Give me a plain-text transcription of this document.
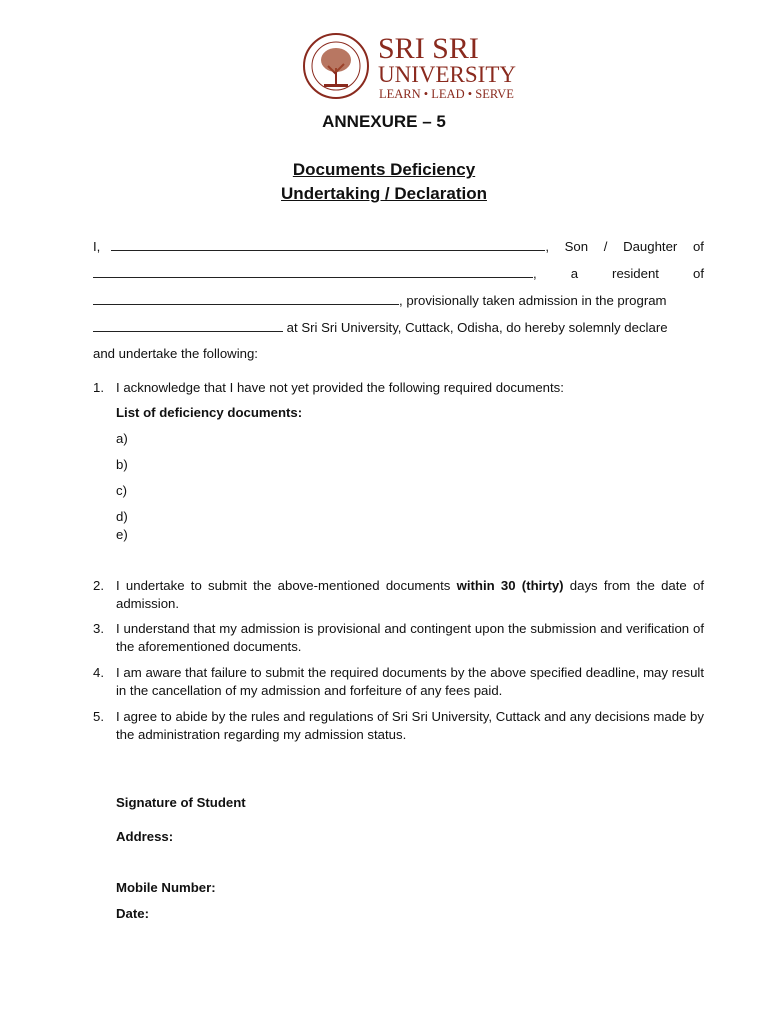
SRI SRI
UNIVERSITY
LEARN • LEAD • SERVE
ANNEXURE – 5
Documents Deficiency
Undertaking / Declaration
I,	, Son / Daughter of
,	a	resident	of
, provisionally taken admission in the program
at Sri Sri University, Cuttack, Odisha, do hereby solemnly declare
and undertake the following:
1. I acknowledge that I have not yet provided the following required documents:
List of deficiency documents:
a)
b)
c)
d)
e)
2. I undertake to submit the above-mentioned documents within 30 (thirty) days from the date of admission.
3. I understand that my admission is provisional and contingent upon the submission and verification of the aforementioned documents.
4. I am aware that failure to submit the required documents by the above specified deadline, may result in the cancellation of my admission and forfeiture of any fees paid.
5. I agree to abide by the rules and regulations of Sri Sri University, Cuttack and any decisions made by the administration regarding my admission status.
Signature of Student
Address:
Mobile Number:
Date:
